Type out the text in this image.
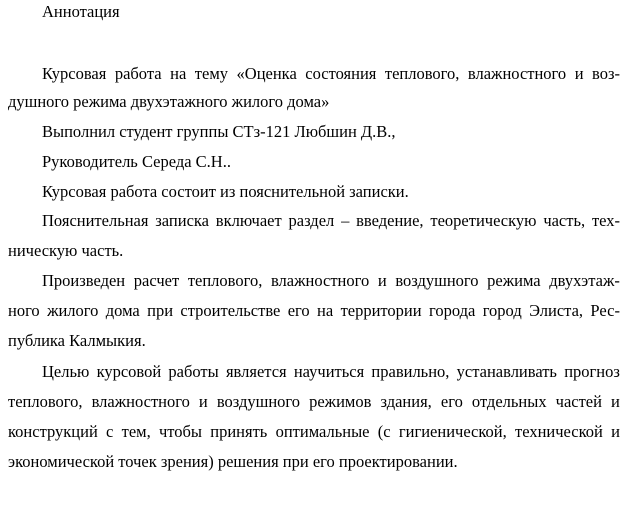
Аннотация
Курсовая работа на тему «Оценка состояния теплового, влажностного и воз-
душного режима двухэтажного жилого дома»
Выполнил студент группы СТз-121 Любшин Д.В.,
Руководитель Середа С.Н..
Курсовая работа состоит из пояснительной записки.
Пояснительная записка включает раздел – введение, теоретическую часть, тех-
ническую часть.
Произведен расчет теплового, влажностного и воздушного режима двухэтаж-
ного жилого дома при строительстве его на территории города город Элиста, Рес-
публика Калмыкия.
Целью курсовой работы является научиться правильно, устанавливать прогноз
теплового, влажностного и воздушного режимов здания, его отдельных частей и
конструкций с тем, чтобы принять оптимальные (с гигиенической, технической и
экономической точек зрения) решения при его проектировании.
